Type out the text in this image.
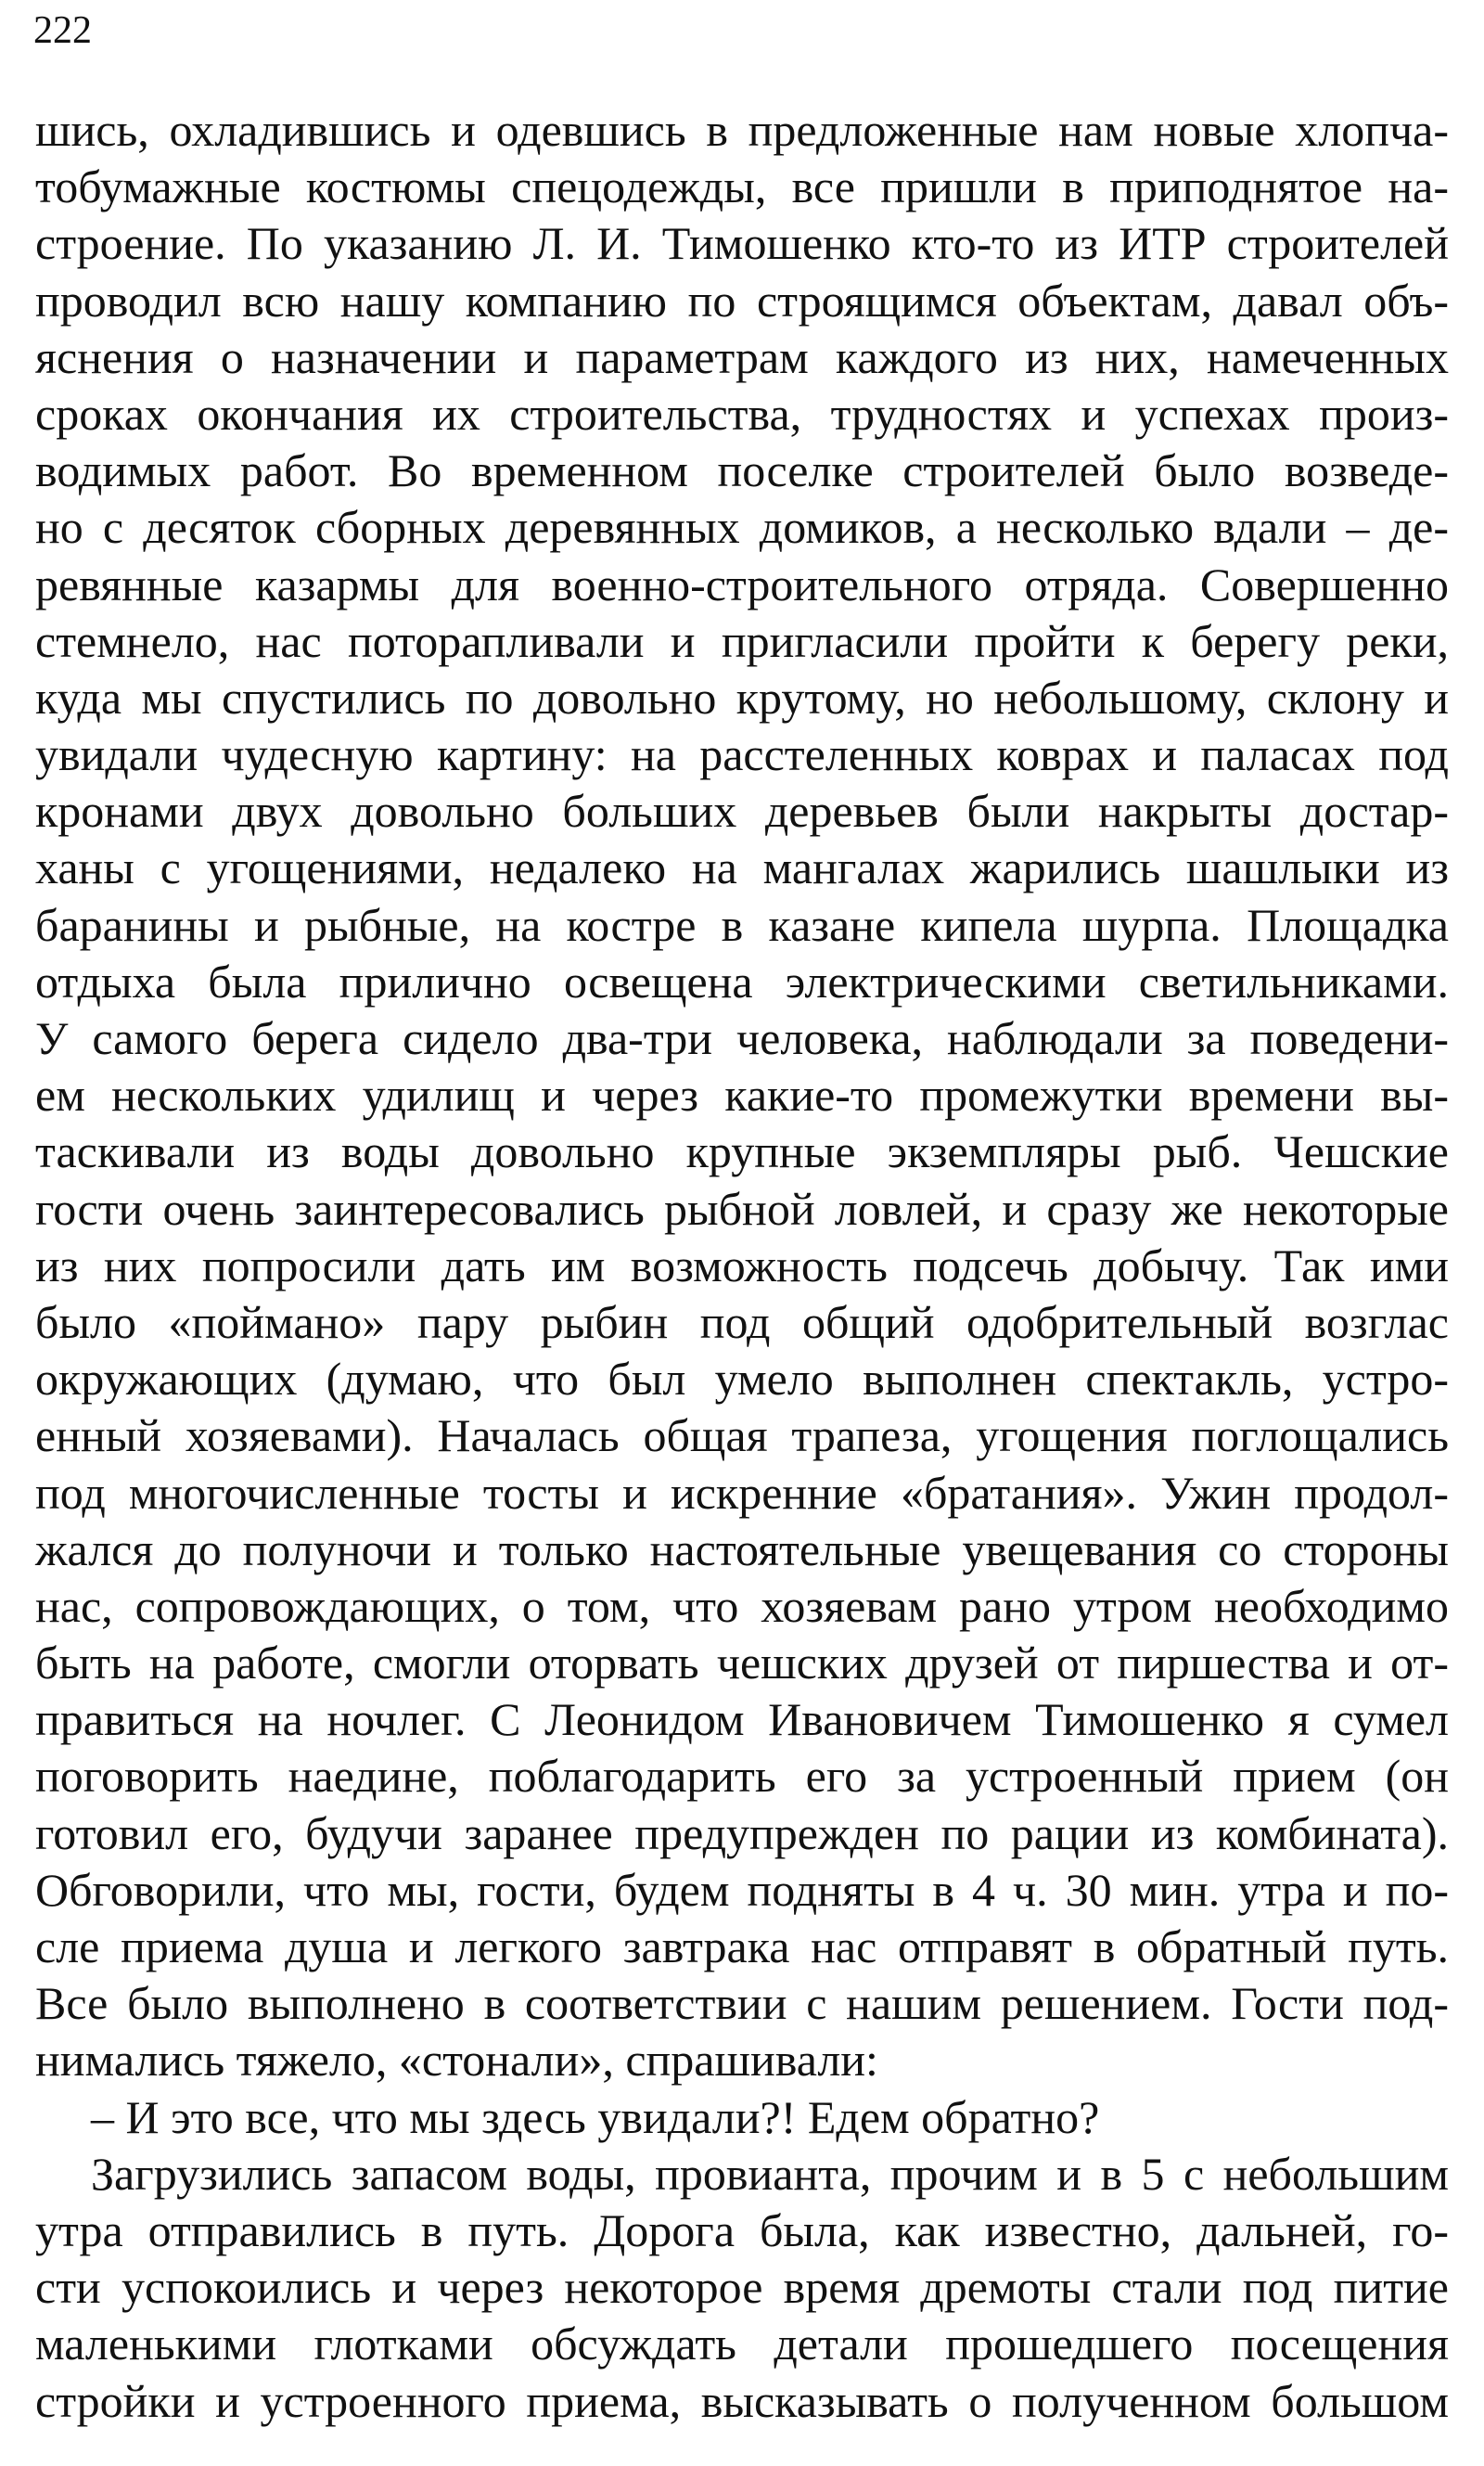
222

шись, охладившись и одевшись в предложенные нам новые хлопча-
тобумажные костюмы спецодежды, все пришли в приподнятое на-
строение. По указанию Л. И. Тимошенко кто-то из ИТР строителей
проводил всю нашу компанию по строящимся объектам, давал объ-
яснения о назначении и параметрам каждого из них, намеченных
сроках окончания их строительства, трудностях и успехах произ-
водимых работ. Во временном поселке строителей было возведе-
но с десяток сборных деревянных домиков, а несколько вдали – де-
ревянные казармы для военно-строительного отряда. Совершенно
стемнело, нас поторапливали и пригласили пройти к берегу реки,
куда мы спустились по довольно крутому, но небольшому, склону и
увидали чудесную картину: на расстеленных коврах и паласах под
кронами двух довольно больших деревьев были накрыты достар-
ханы с угощениями, недалеко на мангалах жарились шашлыки из
баранины и рыбные, на костре в казане кипела шурпа. Площадка
отдыха была прилично освещена электрическими светильниками.
У самого берега сидело два-три человека, наблюдали за поведени-
ем нескольких удилищ и через какие-то промежутки времени вы-
таскивали из воды довольно крупные экземпляры рыб. Чешские
гости очень заинтересовались рыбной ловлей, и сразу же некоторые
из них попросили дать им возможность подсечь добычу. Так ими
было «поймано» пару рыбин под общий одобрительный возглас
окружающих (думаю, что был умело выполнен спектакль, устро-
енный хозяевами). Началась общая трапеза, угощения поглощались
под многочисленные тосты и искренние «братания». Ужин продол-
жался до полуночи и только настоятельные увещевания со стороны
нас, сопровождающих, о том, что хозяевам рано утром необходимо
быть на работе, смогли оторвать чешских друзей от пиршества и от-
правиться на ночлег. С Леонидом Ивановичем Тимошенко я сумел
поговорить наедине, поблагодарить его за устроенный прием (он
готовил его, будучи заранее предупрежден по рации из комбината).
Обговорили, что мы, гости, будем подняты в 4 ч. 30 мин. утра и по-
сле приема душа и легкого завтрака нас отправят в обратный путь.
Все было выполнено в соответствии с нашим решением. Гости под-
нимались тяжело, «стонали», спрашивали:
– И это все, что мы здесь увидали?! Едем обратно?
Загрузились запасом воды, провианта, прочим и в 5 с небольшим
утра отправились в путь. Дорога была, как известно, дальней, го-
сти успокоились и через некоторое время дремоты стали под питие
маленькими глотками обсуждать детали прошедшего посещения
стройки и устроенного приема, высказывать о полученном большом
